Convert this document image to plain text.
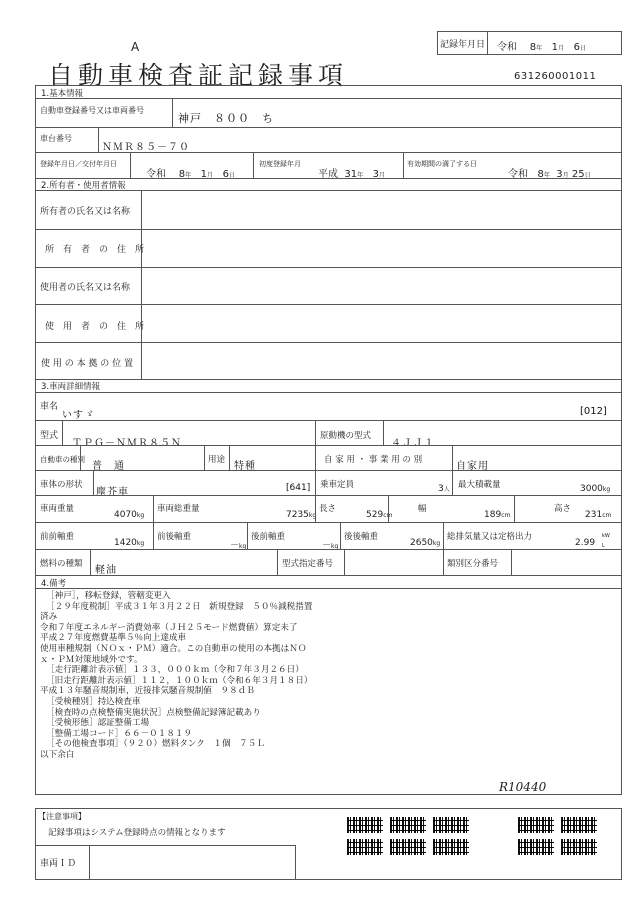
A
自動車検査証記録事項
記録年月日 令和 8年 1月 6日
631260001011
1.基本情報
自動車登録番号又は車両番号
神戸　８００　ち
車台番号
ＮＭＲ８５－７０
登録年月日／交付年月日
令和 8年 1月 6日
初度登録年月
平成 31年 3月
有効期間の満了する日
令和 8年 3月 25日
2.所有者・使用者情報
所有者の氏名又は名称
所　有　者　の　住　所
使用者の氏名又は名称
使　用　者　の　住　所
使 用 の 本 拠 の 位 置
3.車両詳細情報
車名
いすゞ	[012]
型式
ＴＰＧ－ＮＭＲ８５Ｎ
原動機の型式
４ＪＪ１
自動車の種別
普　通
用途
特種
自 家 用 ・ 事 業 用 の 別
自家用
車体の形状
塵芥車	[641] 乗車定員	3人 最大積載量	3000kg
車両重量
4070kg
車両総重量
7235kg
長さ
529cm
幅
189cm
高さ
231cm
前前軸重
1420kg
前後軸重
－kg
後前軸重
－kg
後後軸重
2650kg
総排気量又は定格出力
2.99
kW
L
燃料の種類
軽油
型式指定番号	類別区分番号
4.備考
［神戸］，移転登録，管轄変更入
［２９年度税制］平成３１年３月２２日　新規登録　５０％減税措置
済み
令和７年度エネルギー消費効率（ＪＨ２５モード燃費値）算定未了
平成２７年度燃費基準５％向上達成車
使用車種規制（ＮＯｘ・ＰＭ）適合。この自動車の使用の本拠はＮＯ
ｘ・ＰＭ対策地域外です。
［走行距離計表示値］１３３，０００ｋｍ（令和７年３月２６日）
［旧走行距離計表示値］１１２，１００ｋｍ（令和６年３月１８日）
平成１３年騒音規制車，近接排気騒音規制値　９８ｄＢ
［受検種別］持込検査車
［検査時の点検整備実施状況］点検整備記録簿記載あり
［受検形態］認証整備工場
［整備工場コード］６６－０１８１９
［その他検査事項］（９２０）燃料タンク　１個　７５Ｌ
以下余白
R10440
【注意事項】
記録事項はシステム登録時点の情報となります
車両ＩＤ
